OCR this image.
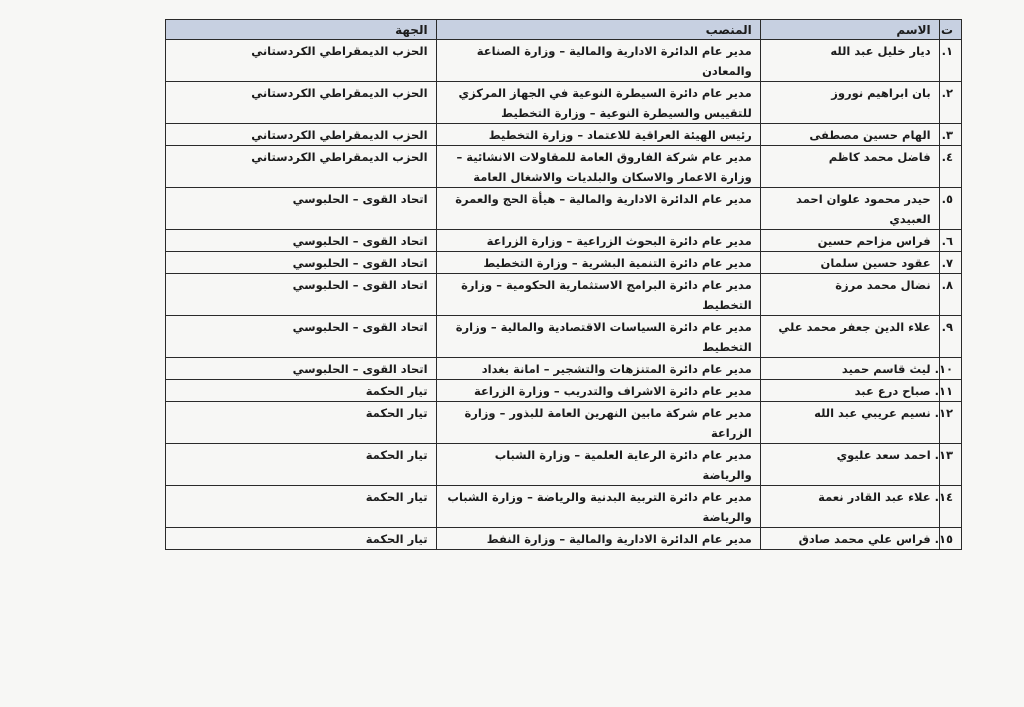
ت	الاسم	المنصب	الجهة
١.	ديار خليل عبد الله	مدير عام الدائرة الادارية والمالية – وزارة الصناعة والمعادن	الحزب الديمقراطي الكردستاني
٢.	بان ابراهيم نوروز	مدير عام دائرة السيطرة النوعية في الجهاز المركزي للتقييس والسيطرة النوعية – وزارة التخطيط	الحزب الديمقراطي الكردستاني
٣.	الهام حسين مصطفى	رئيس الهيئة العراقية للاعتماد – وزارة التخطيط	الحزب الديمقراطي الكردستاني
٤.	فاضل محمد كاظم	مدير عام شركة الفاروق العامة للمقاولات الانشائية – وزارة الاعمار والاسكان والبلديات والاشغال العامة	الحزب الديمقراطي الكردستاني
٥.	حيدر محمود علوان احمد العبيدي	مدير عام الدائرة الادارية والمالية – هيأة الحج والعمرة	اتحاد القوى – الحلبوسي
٦.	فراس مزاحم حسين	مدير عام دائرة البحوث الزراعية – وزارة الزراعة	اتحاد القوى – الحلبوسي
٧.	عقود حسين سلمان	مدير عام دائرة التنمية البشرية – وزارة التخطيط	اتحاد القوى – الحلبوسي
٨.	نضال محمد مرزة	مدير عام دائرة البرامج الاستثمارية الحكومية – وزارة التخطيط	اتحاد القوى – الحلبوسي
٩.	علاء الدين جعفر محمد علي	مدير عام دائرة السياسات الاقتصادية والمالية – وزارة التخطيط	اتحاد القوى – الحلبوسي
١٠.	ليث قاسم حميد	مدير عام دائرة المتنزهات والتشجير – امانة بغداد	اتحاد القوى – الحلبوسي
١١.	صباح درع عبد	مدير عام دائرة الاشراف والتدريب – وزارة الزراعة	تيار الحكمة
١٢.	نسيم عريبي عبد الله	مدير عام شركة مابين النهرين العامة للبذور – وزارة الزراعة	تيار الحكمة
١٣.	احمد سعد عليوي	مدير عام دائرة الرعاية العلمية – وزارة الشباب والرياضة	تيار الحكمة
١٤.	علاء عبد القادر نعمة	مدير عام دائرة التربية البدنية والرياضة – وزارة الشباب والرياضة	تيار الحكمة
١٥.	فراس علي محمد صادق	مدير عام الدائرة الادارية والمالية – وزارة النفط	تيار الحكمة
